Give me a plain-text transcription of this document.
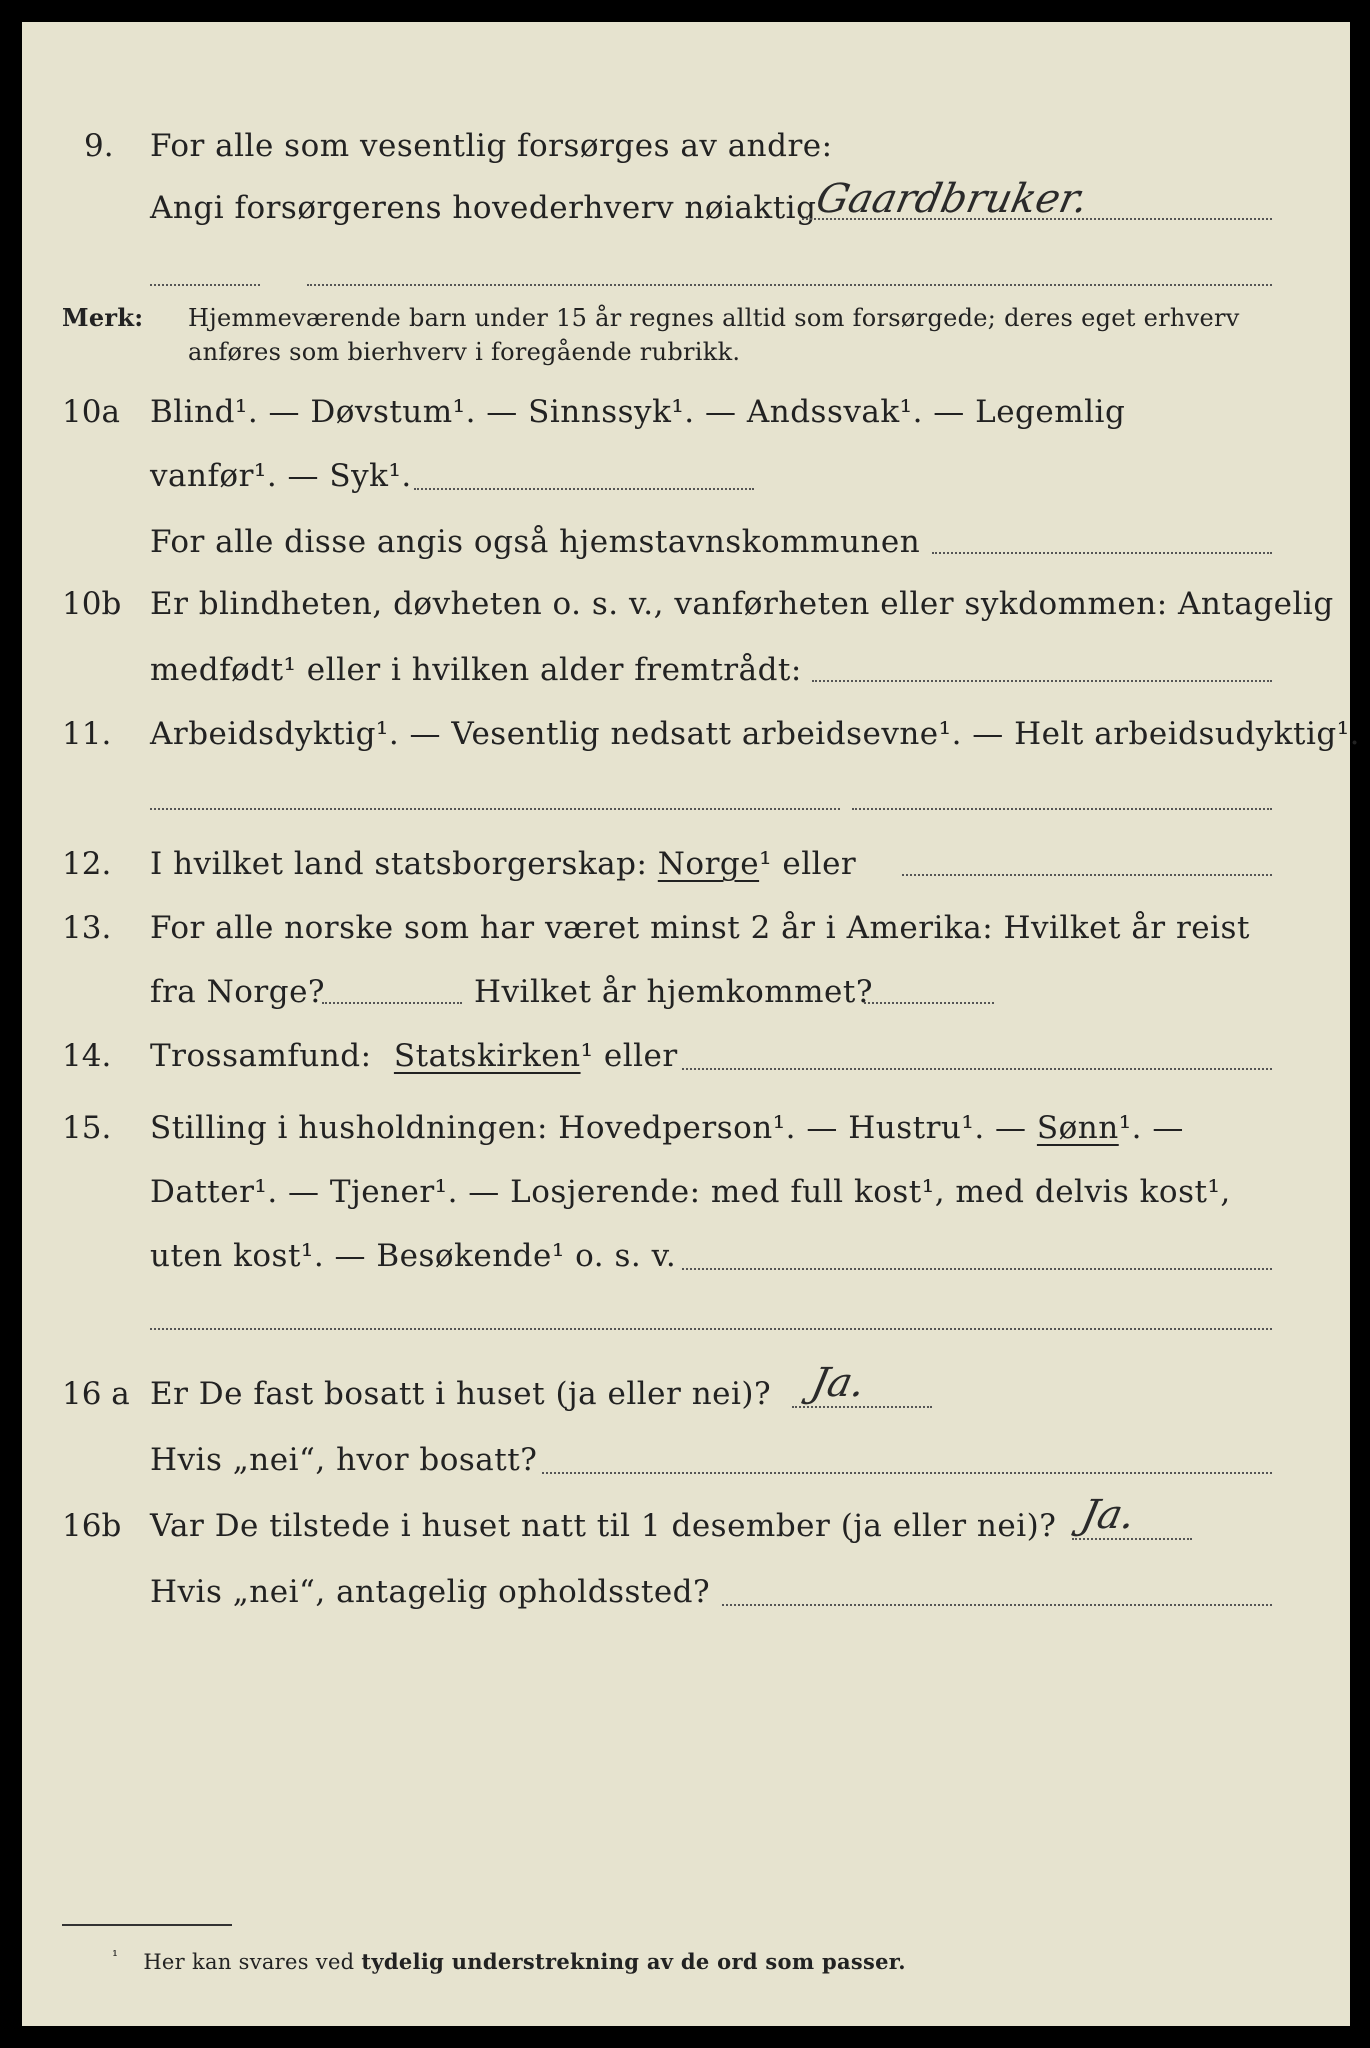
9. For alle som vesentlig forsørges av andre:
Angi forsørgerens hovederhverv nøiaktig
Gaardbruker.
Merk: Hjemmeværende barn under 15 år regnes alltid som forsørgede; deres eget erhverv
anføres som bierhverv i foregående rubrikk.
10a Blind¹. — Døvstum¹. — Sinnssyk¹. — Andssvak¹. — Legemlig
vanfør¹. — Syk¹.
For alle disse angis også hjemstavnskommunen
10b Er blindheten, døvheten o. s. v., vanførheten eller sykdommen: Antagelig
medfødt¹ eller i hvilken alder fremtrådt:
11. Arbeidsdyktig¹. — Vesentlig nedsatt arbeidsevne¹. — Helt arbeidsudyktig¹.
12. I hvilket land statsborgerskap: Norge¹ eller
13. For alle norske som har været minst 2 år i Amerika: Hvilket år reist
fra Norge?	Hvilket år hjemkommet?
14. Trossamfund: Statskirken¹ eller
15. Stilling i husholdningen: Hovedperson¹. — Hustru¹. — Sønn¹. —
Datter¹. — Tjener¹. — Losjerende: med full kost¹, med delvis kost¹,
uten kost¹. — Besøkende¹ o. s. v.
16 a Er De fast bosatt i huset (ja eller nei)? Ja.
Hvis „nei“, hvor bosatt?
16b Var De tilstede i huset natt til 1 desember (ja eller nei)? Ja.
Hvis „nei“, antagelig opholdssted?
$^{^1}$ Her kan svares ved tydelig understrekning av de ord som passer.
